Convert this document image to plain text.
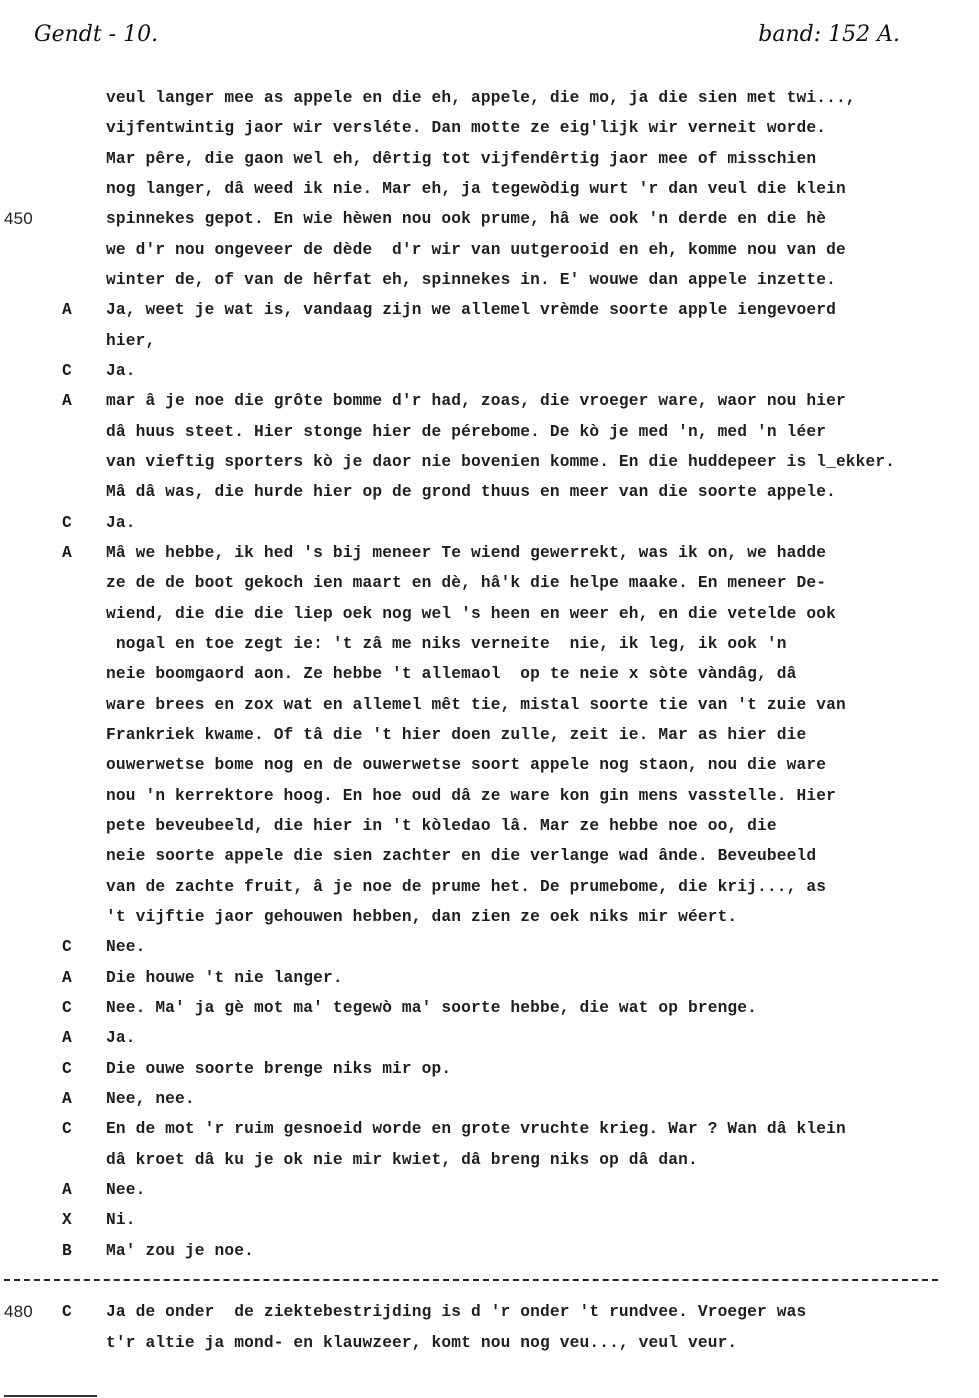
Gendt - 10.	band: 152 A.
veul langer mee as appele en die eh, appele, die mo, ja die sien met twi...,
vijfentwintig jaor wir versléte. Dan motte ze eig'lijk wir verneit worde.
Mar pêre, die gaon wel eh, dêrtig tot vijfendêrtig jaor mee of misschien
nog langer, dâ weed ik nie. Mar eh, ja tegewòdig wurt 'r dan veul die klein
450	spinnekes gepot. En wie hèwen nou ook prume, hâ we ook 'n derde en die hè
we d'r nou ongeveer de dède  d'r wir van uutgerooid en eh, komme nou van de
winter de, of van de hêrfat eh, spinnekes in. E' wouwe dan appele inzette.
A Ja, weet je wat is, vandaag zijn we allemel vrèmde soorte apple iengevoerd
hier,
C Ja.
A mar â je noe die grôte bomme d'r had, zoas, die vroeger ware, waor nou hier
dâ huus steet. Hier stonge hier de pérebome. De kò je med 'n, med 'n léer
van vieftig sporters kò je daor nie bovenien komme. En die huddepeer is l_ekker.
Mâ dâ was, die hurde hier op de grond thuus en meer van die soorte appele.
C Ja.
A Mâ we hebbe, ik hed 's bij meneer Te wiend gewerrekt, was ik on, we hadde
ze de de boot gekoch ien maart en dè, hâ'k die helpe maake. En meneer De-
wiend, die die die liep oek nog wel 's heen en weer eh, en die vetelde ook
nogal en toe zegt ie: 't zâ me niks verneite  nie, ik leg, ik ook 'n
neie boomgaord aon. Ze hebbe 't allemaol  op te neie x sòte vàndâg, dâ
ware brees en zox wat en allemel mêt tie, mistal soorte tie van 't zuie van
Frankriek kwame. Of tâ die 't hier doen zulle, zeit ie. Mar as hier die
ouwerwetse bome nog en de ouwerwetse soort appele nog staon, nou die ware
nou 'n kerrektore hoog. En hoe oud dâ ze ware kon gin mens vasstelle. Hier
pete beveubeeld, die hier in 't kòledao lâ. Mar ze hebbe noe oo, die
neie soorte appele die sien zachter en die verlange wad ânde. Beveubeeld
van de zachte fruit, â je noe de prume het. De prumebome, die krij..., as
't vijftie jaor gehouwen hebben, dan zien ze oek niks mir wéert.
C Nee.
A Die houwe 't nie langer.
C Nee. Ma' ja gè mot ma' tegewò ma' soorte hebbe, die wat op brenge.
A Ja.
C Die ouwe soorte brenge niks mir op.
A Nee, nee.
C En de mot 'r ruim gesnoeid worde en grote vruchte krieg. War ? Wan dâ klein
dâ kroet dâ ku je ok nie mir kwiet, dâ breng niks op dâ dan.
A Nee.
X Ni.
B Ma' zou je noe.
480 C Ja de onder  de ziektebestrijding is d 'r onder 't rundvee. Vroeger was
t'r altie ja mond- en klauwzeer, komt nou nog veu..., veul veur.
